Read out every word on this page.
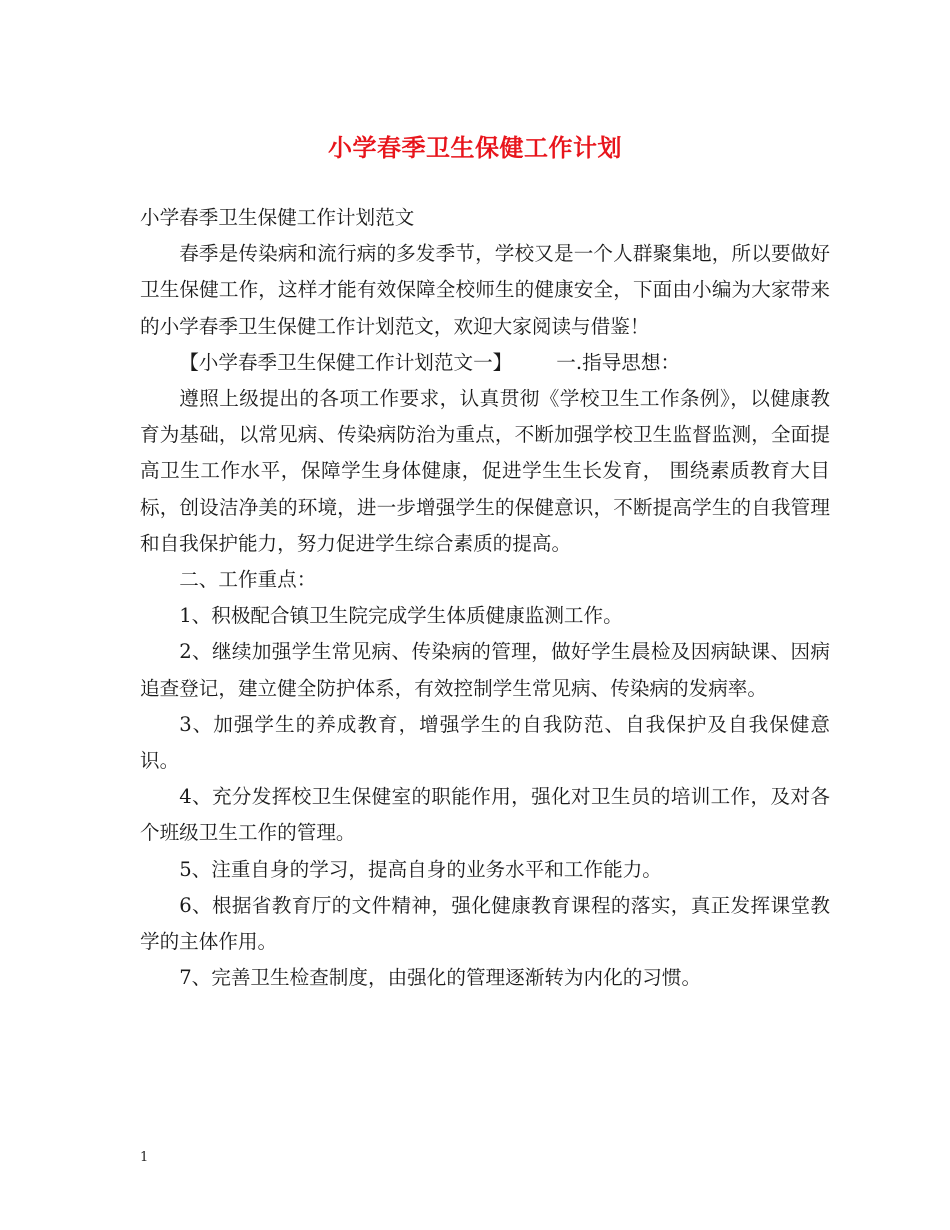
小学春季卫生保健工作计划

小学春季卫生保健工作计划范文

春季是传染病和流行病的多发季节，学校又是一个人群聚集地，所以要做好卫生保健工作，这样才能有效保障全校师生的健康安全，下面由小编为大家带来的小学春季卫生保健工作计划范文，欢迎大家阅读与借鉴！

【小学春季卫生保健工作计划范文一】 一.指导思想：

遵照上级提出的各项工作要求，认真贯彻《学校卫生工作条例》，以健康教育为基础，以常见病、传染病防治为重点，不断加强学校卫生监督监测，全面提高卫生工作水平，保障学生身体健康，促进学生生长发育， 围绕素质教育大目标，创设洁净美的环境，进一步增强学生的保健意识，不断提高学生的自我管理和自我保护能力，努力促进学生综合素质的提高。

二、工作重点：

1、积极配合镇卫生院完成学生体质健康监测工作。

2、继续加强学生常见病、传染病的管理，做好学生晨检及因病缺课、因病追查登记，建立健全防护体系，有效控制学生常见病、传染病的发病率。

3、加强学生的养成教育，增强学生的自我防范、自我保护及自我保健意识。

4、充分发挥校卫生保健室的职能作用，强化对卫生员的培训工作，及对各个班级卫生工作的管理。

5、注重自身的学习，提高自身的业务水平和工作能力。

6、根据省教育厅的文件精神，强化健康教育课程的落实，真正发挥课堂教学的主体作用。

7、完善卫生检查制度，由强化的管理逐渐转为内化的习惯。

1
